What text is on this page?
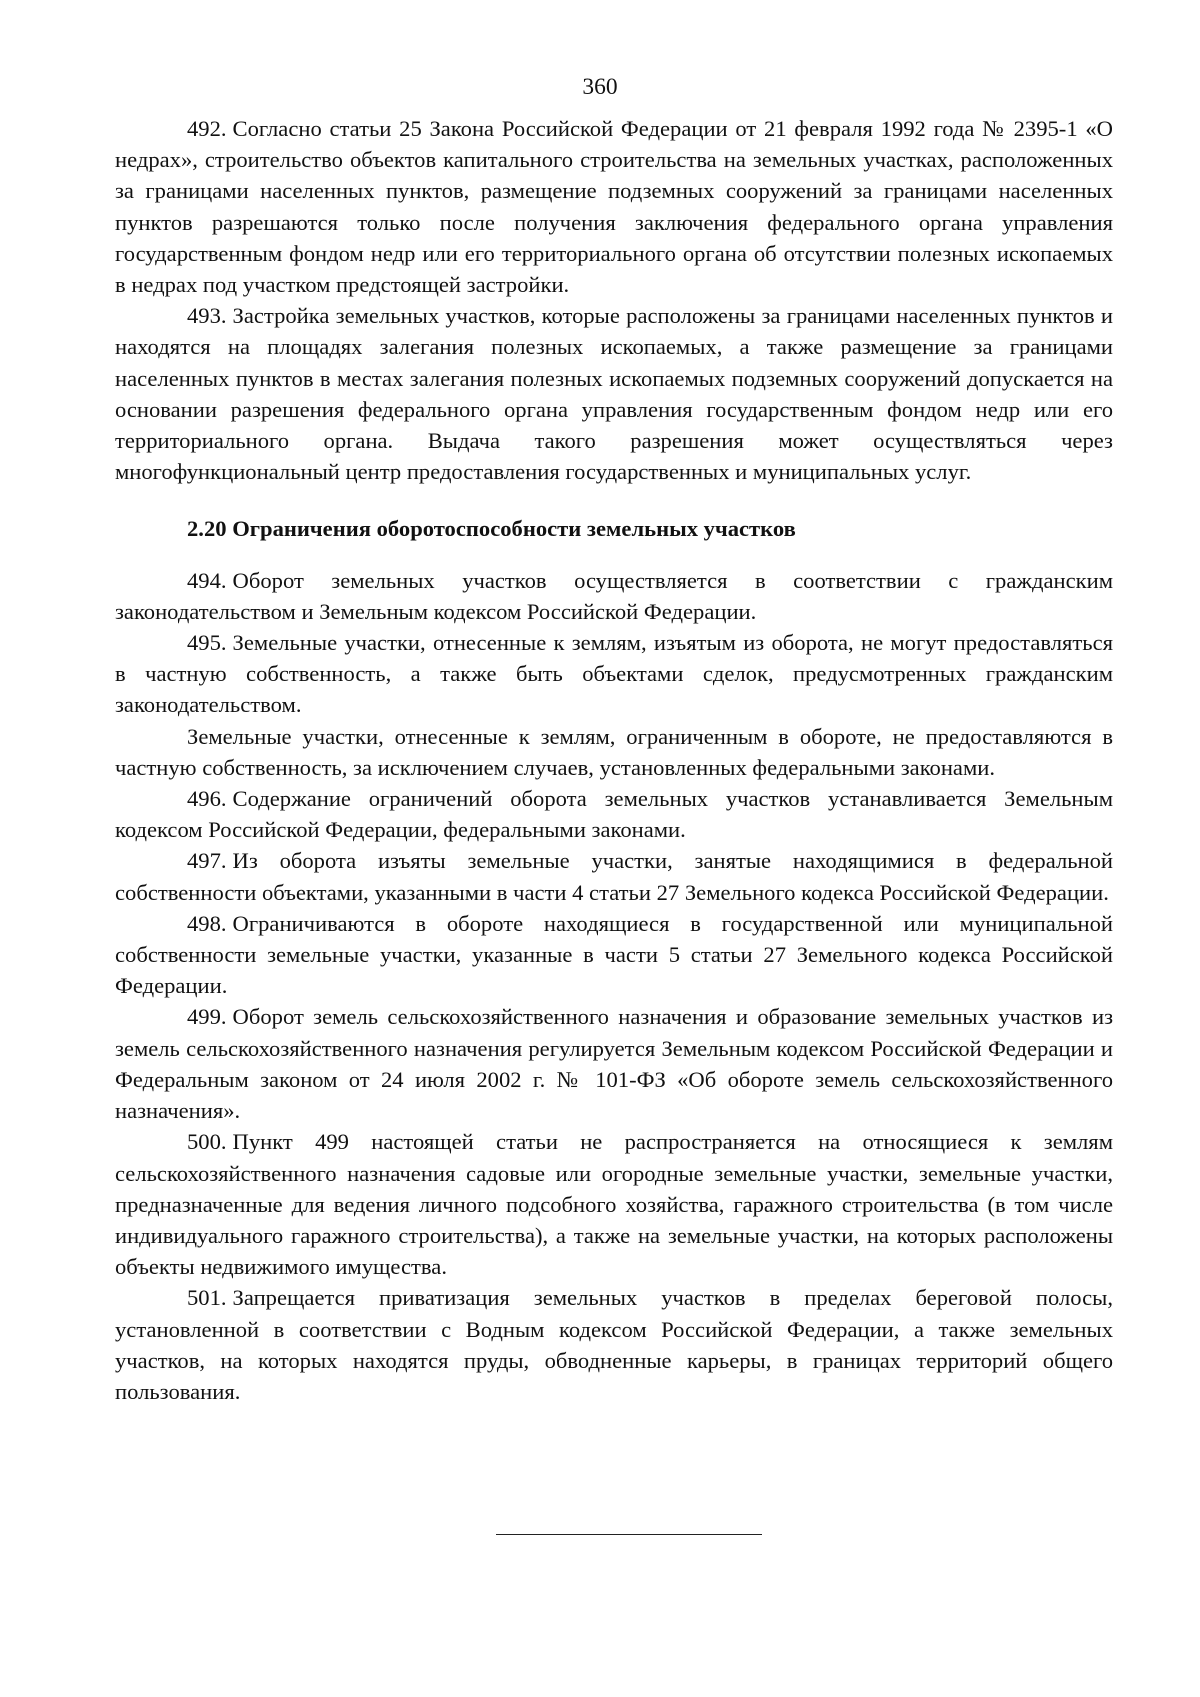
360

492. Согласно статьи 25 Закона Российской Федерации от 21 февраля 1992 года № 2395-1 «О недрах», строительство объектов капитального строительства на земельных участках, расположенных за границами населенных пунктов, размещение подземных сооружений за границами населенных пунктов разрешаются только после получения заключения федерального органа управления государственным фондом недр или его территориального органа об отсутствии полезных ископаемых в недрах под участком предстоящей застройки.

493. Застройка земельных участков, которые расположены за границами населенных пунктов и находятся на площадях залегания полезных ископаемых, а также размещение за границами населенных пунктов в местах залегания полезных ископаемых подземных сооружений допускается на основании разрешения федерального органа управления государственным фондом недр или его территориального органа. Выдача такого разрешения может осуществляться через многофункциональный центр предоставления государственных и муниципальных услуг.

2.20 Ограничения оборотоспособности земельных участков

494. Оборот земельных участков осуществляется в соответствии с гражданским законодательством и Земельным кодексом Российской Федерации.

495. Земельные участки, отнесенные к землям, изъятым из оборота, не могут предоставляться в частную собственность, а также быть объектами сделок, предусмотренных гражданским законодательством.

Земельные участки, отнесенные к землям, ограниченным в обороте, не предоставляются в частную собственность, за исключением случаев, установленных федеральными законами.

496. Содержание ограничений оборота земельных участков устанавливается Земельным кодексом Российской Федерации, федеральными законами.

497. Из оборота изъяты земельные участки, занятые находящимися в федеральной собственности объектами, указанными в части 4 статьи 27 Земельного кодекса Российской Федерации.

498. Ограничиваются в обороте находящиеся в государственной или муниципальной собственности земельные участки, указанные в части 5 статьи 27 Земельного кодекса Российской Федерации.

499. Оборот земель сельскохозяйственного назначения и образование земельных участков из земель сельскохозяйственного назначения регулируется Земельным кодексом Российской Федерации и Федеральным законом от 24 июля 2002 г. № 101-ФЗ «Об обороте земель сельскохозяйственного назначения».

500. Пункт 499 настоящей статьи не распространяется на относящиеся к землям сельскохозяйственного назначения садовые или огородные земельные участки, земельные участки, предназначенные для ведения личного подсобного хозяйства, гаражного строительства (в том числе индивидуального гаражного строительства), а также на земельные участки, на которых расположены объекты недвижимого имущества.

501. Запрещается приватизация земельных участков в пределах береговой полосы, установленной в соответствии с Водным кодексом Российской Федерации, а также земельных участков, на которых находятся пруды, обводненные карьеры, в границах территорий общего пользования.
